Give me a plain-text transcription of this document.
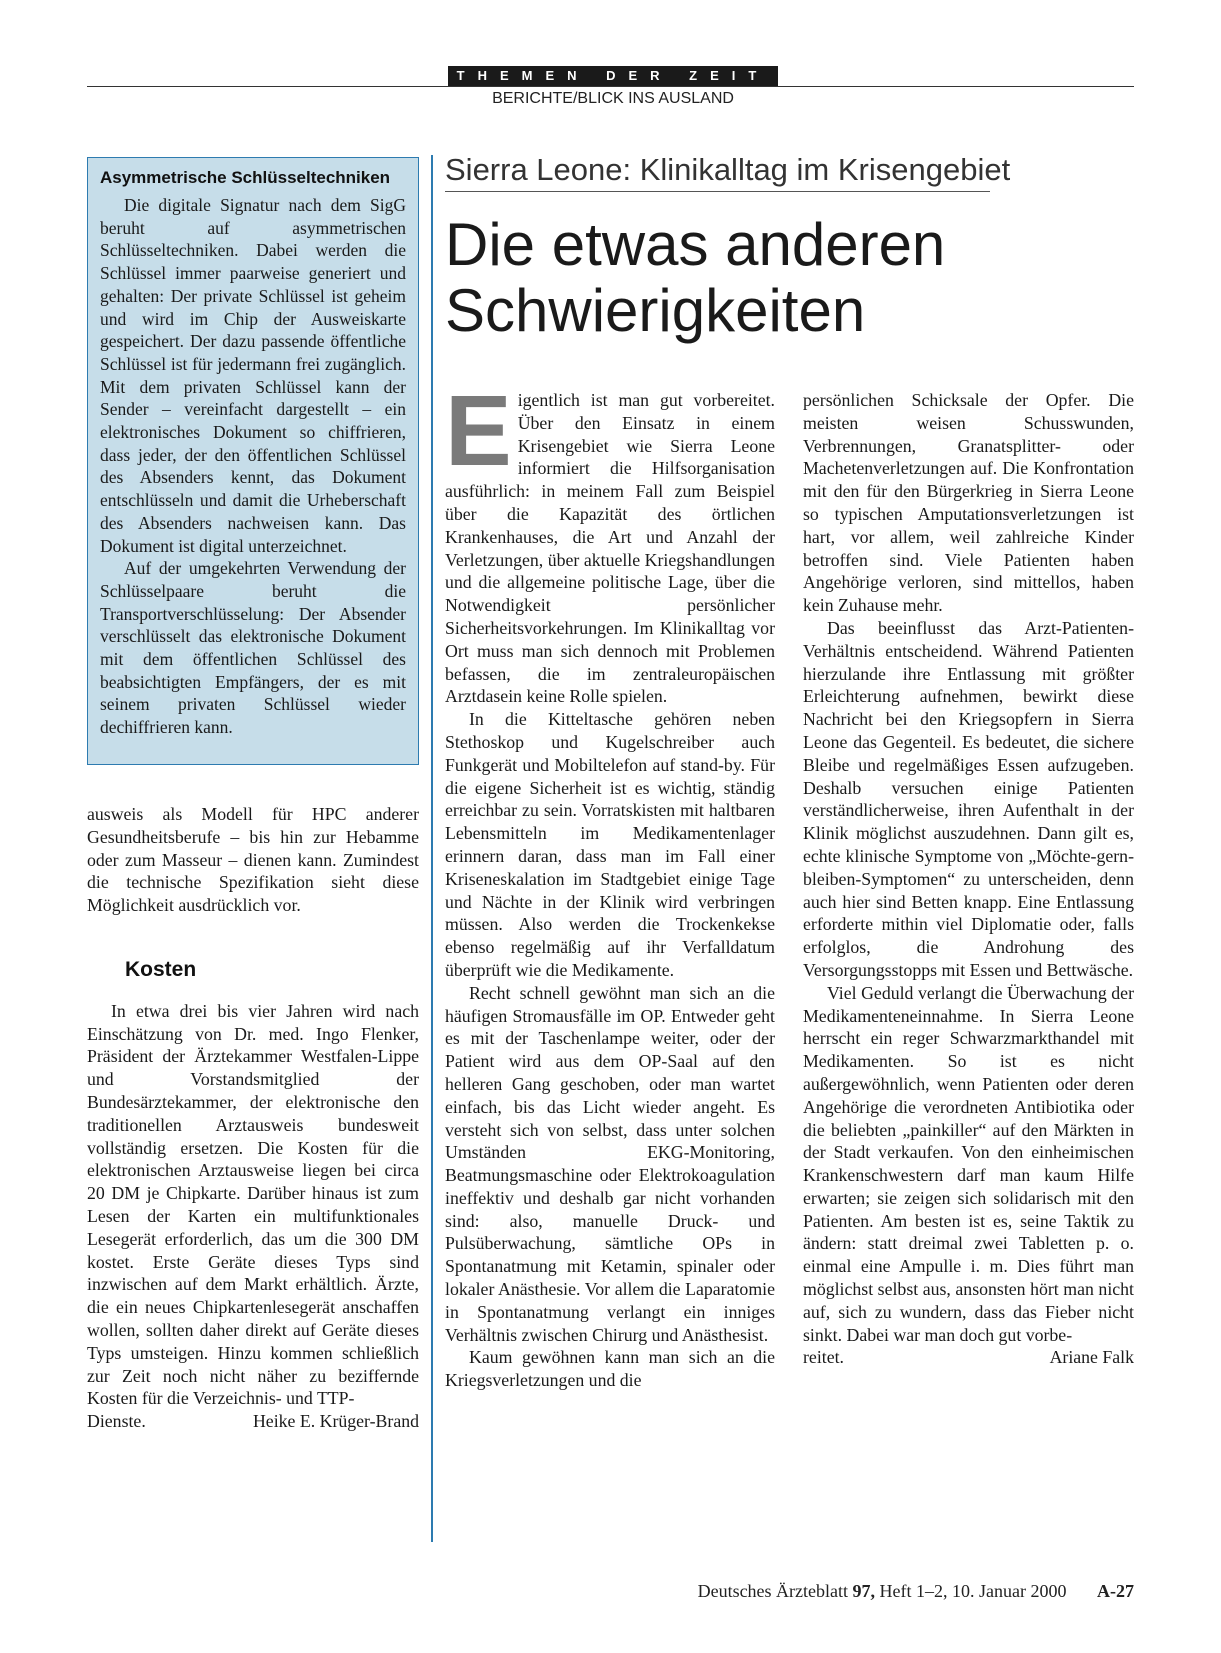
THEMEN DER ZEIT
BERICHTE/BLICK INS AUSLAND
Asymmetrische Schlüsseltechniken

Die digitale Signatur nach dem SigG beruht auf asymmetrischen Schlüsseltechniken. Dabei werden die Schlüssel immer paarweise generiert und gehalten: Der private Schlüssel ist geheim und wird im Chip der Ausweiskarte gespeichert. Der dazu passende öffentliche Schlüssel ist für jedermann frei zugänglich. Mit dem privaten Schlüssel kann der Sender – vereinfacht dargestellt – ein elektronisches Dokument so chiffrieren, dass jeder, der den öffentlichen Schlüssel des Absenders kennt, das Dokument entschlüsseln und damit die Urheberschaft des Absenders nachweisen kann. Das Dokument ist digital unterzeichnet.

Auf der umgekehrten Verwendung der Schlüsselpaare beruht die Transportverschlüsselung: Der Absender verschlüsselt das elektronische Dokument mit dem öffentlichen Schlüssel des beabsichtigten Empfängers, der es mit seinem privaten Schlüssel wieder dechiffrieren kann.

ausweis als Modell für HPC anderer Gesundheitsberufe – bis hin zur Hebamme oder zum Masseur – dienen kann. Zumindest die technische Spezifikation sieht diese Möglichkeit ausdrücklich vor.

Kosten

In etwa drei bis vier Jahren wird nach Einschätzung von Dr. med. Ingo Flenker, Präsident der Ärztekammer Westfalen-Lippe und Vorstandsmitglied der Bundesärztekammer, der elektronische den traditionellen Arztausweis bundesweit vollständig ersetzen. Die Kosten für die elektronischen Arztausweise liegen bei circa 20 DM je Chipkarte. Darüber hinaus ist zum Lesen der Karten ein multifunktionales Lesegerät erforderlich, das um die 300 DM kostet. Erste Geräte dieses Typs sind inzwischen auf dem Markt erhältlich. Ärzte, die ein neues Chipkartenlesegerät anschaffen wollen, sollten daher direkt auf Geräte dieses Typs umsteigen. Hinzu kommen schließlich zur Zeit noch nicht näher zu beziffernde Kosten für die Verzeichnis- und TTP-

Dienste.	Heike E. Krüger-Brand
Sierra Leone: Klinikalltag im Krisengebiet
Die etwas anderen
Schwierigkeiten

Eigentlich ist man gut vorbereitet. Über den Einsatz in einem Krisengebiet wie Sierra Leone informiert die Hilfsorganisation ausführlich: in meinem Fall zum Beispiel über die Kapazität des örtlichen Krankenhauses, die Art und Anzahl der Verletzungen, über aktuelle Kriegshandlungen und die allgemeine politische Lage, über die Notwendigkeit persönlicher Sicherheitsvorkehrungen. Im Klinikalltag vor Ort muss man sich dennoch mit Problemen befassen, die im zentraleuropäischen Arztdasein keine Rolle spielen.

In die Kitteltasche gehören neben Stethoskop und Kugelschreiber auch Funkgerät und Mobiltelefon auf stand-by. Für die eigene Sicherheit ist es wichtig, ständig erreichbar zu sein. Vorratskisten mit haltbaren Lebensmitteln im Medikamentenlager erinnern daran, dass man im Fall einer Kriseneskalation im Stadtgebiet einige Tage und Nächte in der Klinik wird verbringen müssen. Also werden die Trockenkekse ebenso regelmäßig auf ihr Verfalldatum überprüft wie die Medikamente.

Recht schnell gewöhnt man sich an die häufigen Stromausfälle im OP. Entweder geht es mit der Taschenlampe weiter, oder der Patient wird aus dem OP-Saal auf den helleren Gang geschoben, oder man wartet einfach, bis das Licht wieder angeht. Es versteht sich von selbst, dass unter solchen Umständen EKG-Monitoring, Beatmungsmaschine oder Elektrokoagulation ineffektiv und deshalb gar nicht vorhanden sind: also, manuelle Druck- und Pulsüberwachung, sämtliche OPs in Spontanatmung mit Ketamin, spinaler oder lokaler Anästhesie. Vor allem die Laparatomie in Spontanatmung verlangt ein inniges Verhältnis zwischen Chirurg und Anästhesist.

Kaum gewöhnen kann man sich an die Kriegsverletzungen und die

persönlichen Schicksale der Opfer. Die meisten weisen Schusswunden, Verbrennungen, Granatsplitter- oder Machetenverletzungen auf. Die Konfrontation mit den für den Bürgerkrieg in Sierra Leone so typischen Amputationsverletzungen ist hart, vor allem, weil zahlreiche Kinder betroffen sind. Viele Patienten haben Angehörige verloren, sind mittellos, haben kein Zuhause mehr.

Das beeinflusst das Arzt-Patienten-Verhältnis entscheidend. Während Patienten hierzulande ihre Entlassung mit größter Erleichterung aufnehmen, bewirkt diese Nachricht bei den Kriegsopfern in Sierra Leone das Gegenteil. Es bedeutet, die sichere Bleibe und regelmäßiges Essen aufzugeben. Deshalb versuchen einige Patienten verständlicherweise, ihren Aufenthalt in der Klinik möglichst auszudehnen. Dann gilt es, echte klinische Symptome von „Möchte-gern-bleiben-Symptomen“ zu unterscheiden, denn auch hier sind Betten knapp. Eine Entlassung erforderte mithin viel Diplomatie oder, falls erfolglos, die Androhung des Versorgungsstopps mit Essen und Bettwäsche.

Viel Geduld verlangt die Überwachung der Medikamenteneinnahme. In Sierra Leone herrscht ein reger Schwarzmarkthandel mit Medikamenten. So ist es nicht außergewöhnlich, wenn Patienten oder deren Angehörige die verordneten Antibiotika oder die beliebten „painkiller“ auf den Märkten in der Stadt verkaufen. Von den einheimischen Krankenschwestern darf man kaum Hilfe erwarten; sie zeigen sich solidarisch mit den Patienten. Am besten ist es, seine Taktik zu ändern: statt dreimal zwei Tabletten p. o. einmal eine Ampulle i. m. Dies führt man möglichst selbst aus, ansonsten hört man nicht auf, sich zu wundern, dass das Fieber nicht sinkt. Dabei war man doch gut vorbe-

reitet.	Ariane Falk
Deutsches Ärzteblatt 97, Heft 1–2, 10. Januar 2000 A-27
